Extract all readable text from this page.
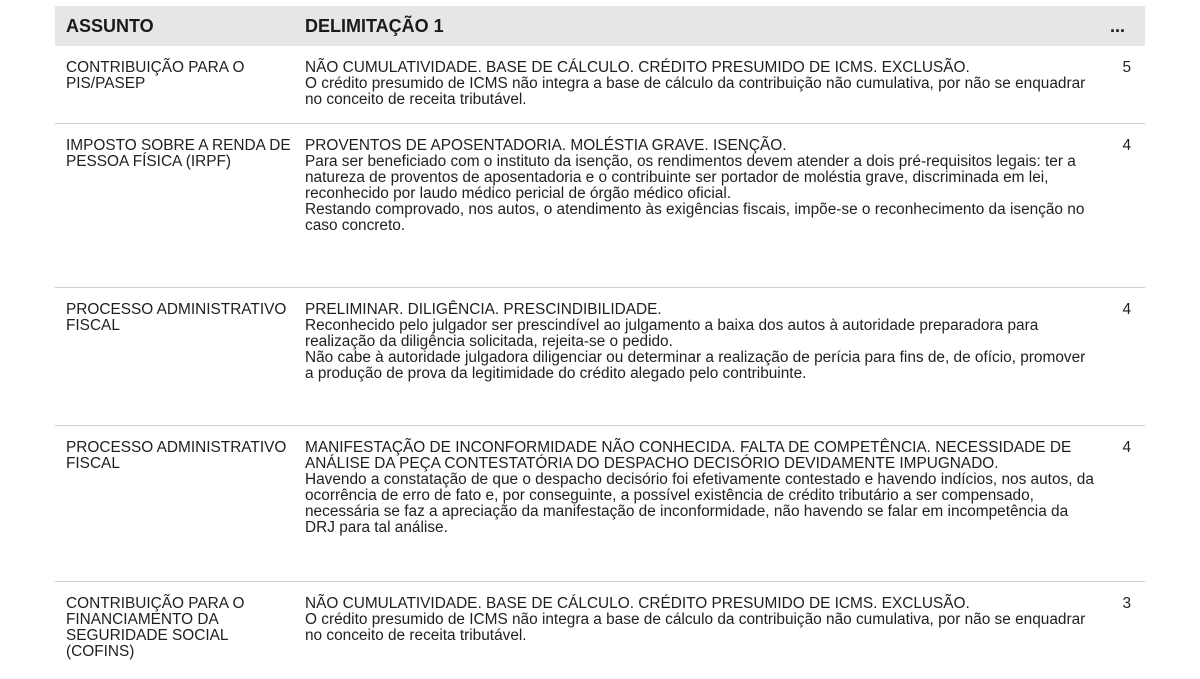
ASSUNTO	DELIMITAÇÃO 1	...
CONTRIBUIÇÃO PARA O PIS/PASEP

NÃO CUMULATIVIDADE. BASE DE CÁLCULO. CRÉDITO PRESUMIDO DE ICMS. EXCLUSÃO.

O crédito presumido de ICMS não integra a base de cálculo da contribuição não cumulativa, por não se enquadrar no conceito de receita tributável.

5
IMPOSTO SOBRE A RENDA DE PESSOA FÍSICA (IRPF)

PROVENTOS DE APOSENTADORIA. MOLÉSTIA GRAVE. ISENÇÃO.

Para ser beneficiado com o instituto da isenção, os rendimentos devem atender a dois pré-requisitos legais: ter a natureza de proventos de aposentadoria e o contribuinte ser portador de moléstia grave, discriminada em lei, reconhecido por laudo médico pericial de órgão médico oficial.

Restando comprovado, nos autos, o atendimento às exigências fiscais, impõe-se o reconhecimento da isenção no caso concreto.

4
PROCESSO ADMINISTRATIVO FISCAL

PRELIMINAR. DILIGÊNCIA. PRESCINDIBILIDADE.

Reconhecido pelo julgador ser prescindível ao julgamento a baixa dos autos à autoridade preparadora para realização da diligência solicitada, rejeita-se o pedido.

Não cabe à autoridade julgadora diligenciar ou determinar a realização de perícia para fins de, de ofício, promover a produção de prova da legitimidade do crédito alegado pelo contribuinte.

4
PROCESSO ADMINISTRATIVO FISCAL

MANIFESTAÇÃO DE INCONFORMIDADE NÃO CONHECIDA. FALTA DE COMPETÊNCIA. NECESSIDADE DE ANÁLISE DA PEÇA CONTESTATÓRIA DO DESPACHO DECISÓRIO DEVIDAMENTE IMPUGNADO.

Havendo a constatação de que o despacho decisório foi efetivamente contestado e havendo indícios, nos autos, da ocorrência de erro de fato e, por conseguinte, a possível existência de crédito tributário a ser compensado, necessária se faz a apreciação da manifestação de inconformidade, não havendo se falar em incompetência da DRJ para tal análise.

4
CONTRIBUIÇÃO PARA O FINANCIAMENTO DA SEGURIDADE SOCIAL (COFINS)

NÃO CUMULATIVIDADE. BASE DE CÁLCULO. CRÉDITO PRESUMIDO DE ICMS. EXCLUSÃO.

O crédito presumido de ICMS não integra a base de cálculo da contribuição não cumulativa, por não se enquadrar no conceito de receita tributável.

3
